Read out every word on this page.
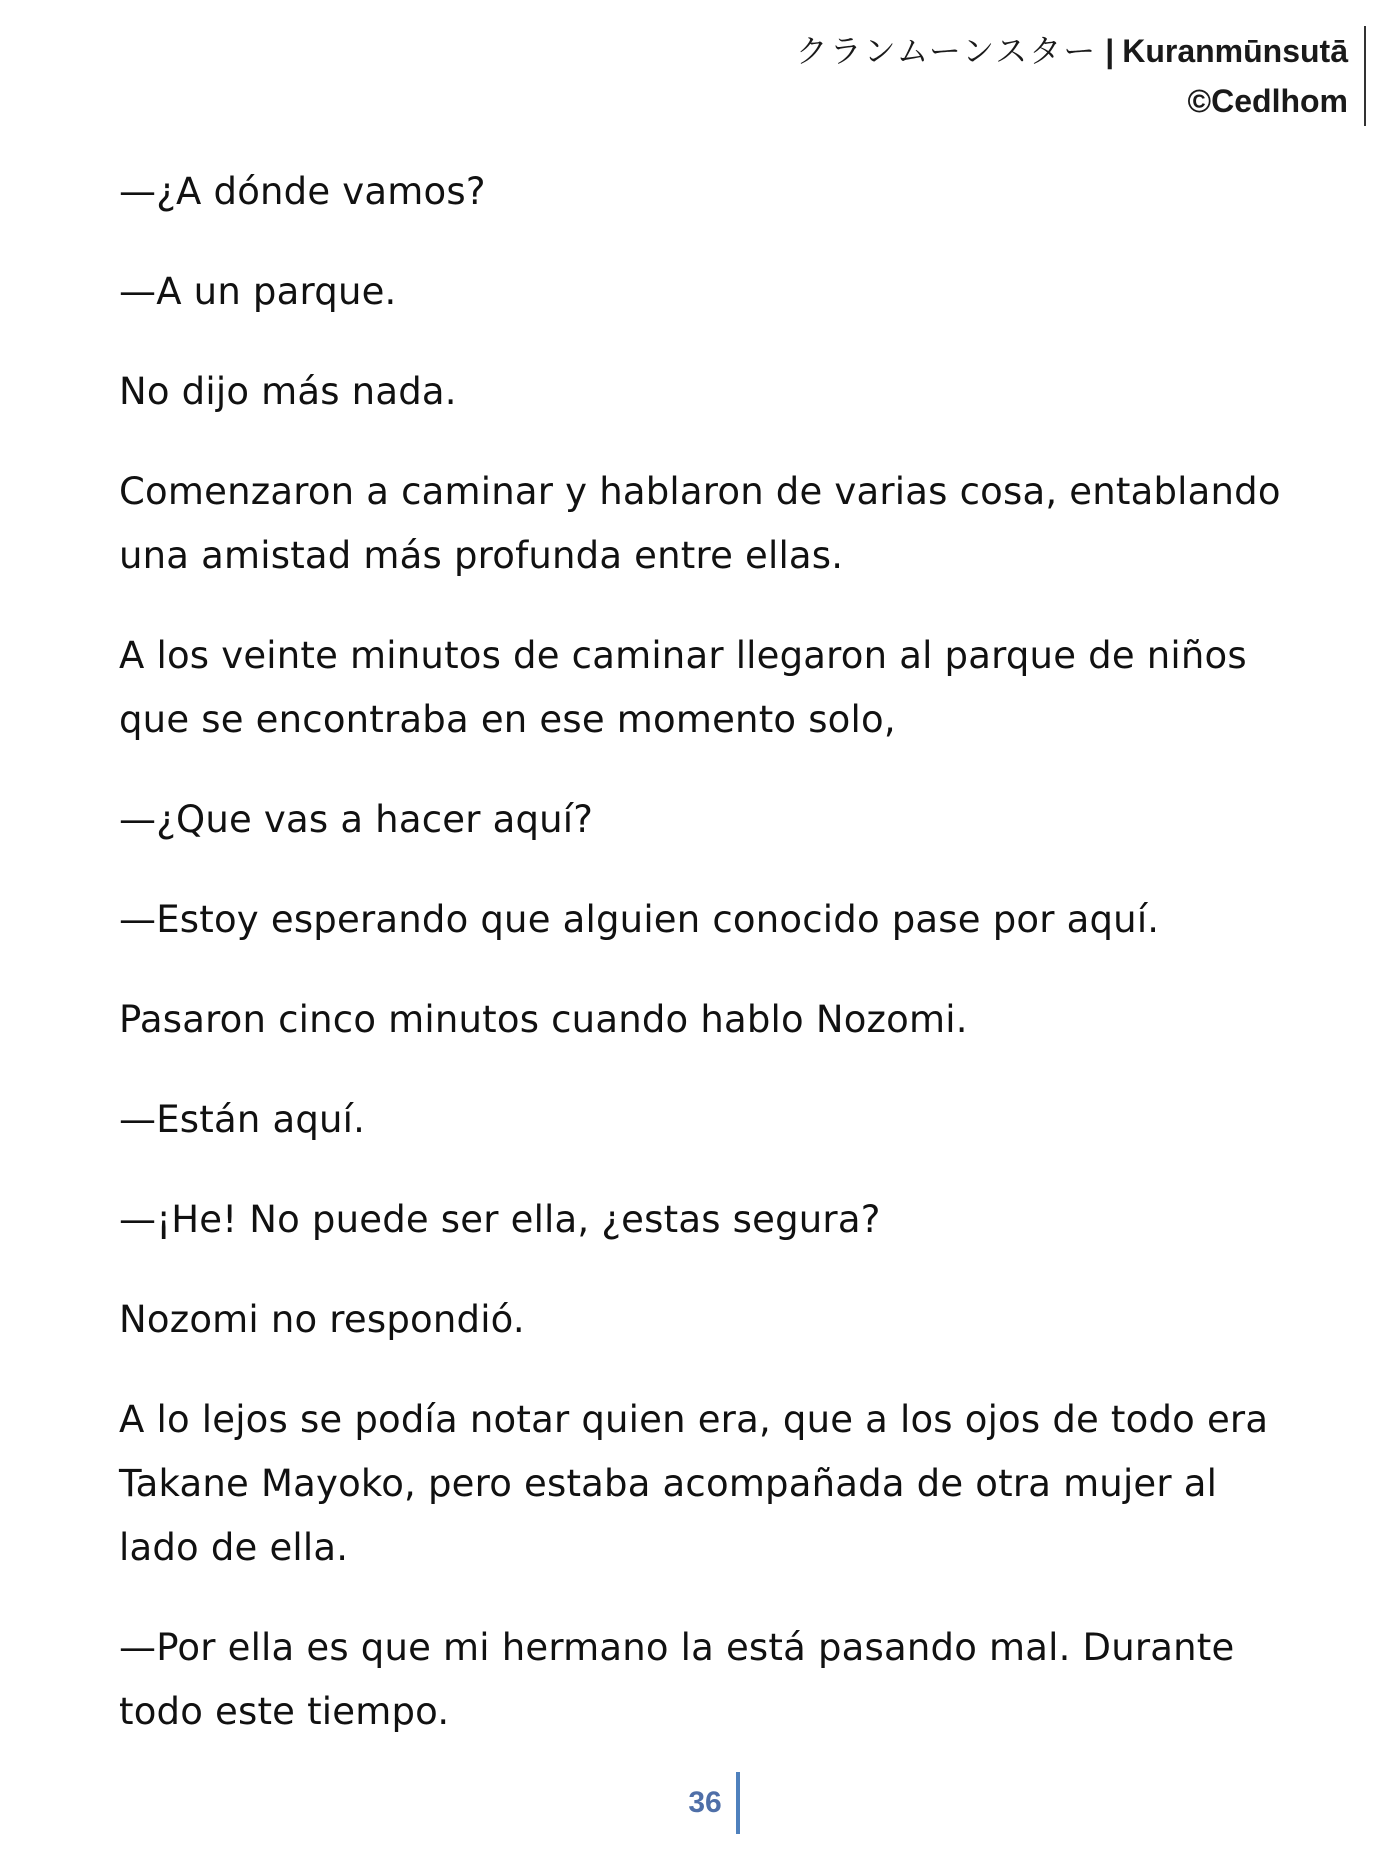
クランムーンスター | Kuranmūnsutā
©Cedlhom

—¿A dónde vamos?

—A un parque.

No dijo más nada.

Comenzaron a caminar y hablaron de varias cosa, entablando una amistad más profunda entre ellas.

A los veinte minutos de caminar llegaron al parque de niños que se encontraba en ese momento solo,

—¿Que vas a hacer aquí?

—Estoy esperando que alguien conocido pase por aquí.

Pasaron cinco minutos cuando hablo Nozomi.

—Están aquí.

—¡He! No puede ser ella, ¿estas segura?

Nozomi no respondió.

A lo lejos se podía notar quien era, que a los ojos de todo era Takane Mayoko, pero estaba acompañada de otra mujer al lado de ella.

—Por ella es que mi hermano la está pasando mal. Durante todo este tiempo.

36
